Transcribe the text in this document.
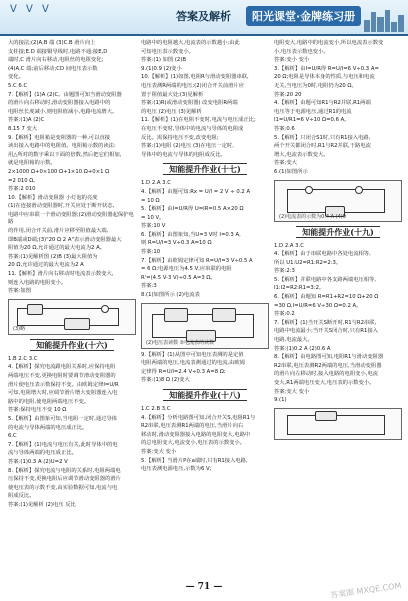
ᐯ ᐯ ᐯ
答案及解析	阳光课堂·金牌练习册

大的接法;(2)A,B 端 (3)C.B 滑片向上

支柱接;E.D 端接铜导线时,电路不通;接E,D

端时,C 滑片向右移动,电阻丝的电阻变化;

(4)A,C 端;前后移动;CD 间电压表示数

变化。

5.C 6.C

7.【解析】(1)A (2)C。由题图可知当滑动变阻器

的滑片向右移动时,滑动变阻器接入电路中的

电阻丝长度减小,则电阻值减小,电路电流增大。

答案:(1)A (2)C

8.15 7 变大

9.【解析】电阻箱是变阻器的一种,可以直接

读出接入电路中的电阻值。电阻箱示数的读法:

用△所对的数字乘以下面的倍数,然后把它们相加,

就是电阻箱的示数。

2×1000 Ω+0×100 Ω+1×10 Ω+0×1 Ω

=2 010 Ω。

答案:2 010

10.【解析】滑动变阻器 小灯泡的亮度

(1)在连接滑动变阻器时,开关应处于断开状态,

电路中应串联一个滑动变阻器;(2)滑动变阻器起保护电路

的作用,闭合开关前,滑片应移至阻值最大端,

即B端或D端;(3)"20 Ω 2 A"表示滑动变阻器最大

阻值为20 Ω,允许通过的最大电流为2 A。

答案:(1)见解析图 (2)B (3)最大阻值为

20 Ω,允许通过的最大电流为2 A

11.【解析】滑片向右移动时电流表示数变大,

则连入电路的电阻变小。

答案:如图

(3)略
知能提升作业(十六)

1.B 2.C 3.C

4.【解析】探究电流跟电阻关系时,应保持电阻

两端电压不变,更换电阻时要调节滑动变阻器的

滑片使电压表示数保持不变。由欧姆定律I=U/R

可知,电阻增大时,应调节滑片增大变阻器连入电

路中的电阻,使电阻两端电压不变。

答案:保持电压不变 10 Ω

5.【解析】由图象可知,当电阻一定时,通过导体

的电流与导体两端的电压成正比。

6.C

7.【解析】(1)电流与电压有关,此时导体中的电

流与导体两端的电压成正比。

答案:(1)0.3 A (2)U=2 V

8.【解析】探究电流与电阻的关系时,电阻两端电

压保持不变,更换电阻后应调节滑动变阻器的滑片

使电压表的示数不变,由实验数据可知,电流与电

阻成反比。

答案:(1)见解析 (2)电压 反比

电路中的电阻越大,电流表的示数越小;由此

可知电压表示数变小。

答案:(1) 如图 (2)B

9.(1)0.9 (2)变小

10.【解析】(1)如图,电阻R与滑动变阻器串联,

电压表测R两端的电压;(2)闭合开关前滑片应

置于阻值最大处;(3)见解析

答案:(1)R(或滑动变阻器) 改变电阻R两端

的电压 (2)电压 (3)见解析

11.【解析】(1)在电阻不变时,电流与电压成正比;

在电压不变时,导体中的电流与导体的电阻成

反比。需保持电压不变,改变电阻;

答案:(1)电阻 (2)电压 (3)在电压一定时,

导体中的电流与导体的电阻成反比。

知能提升作业(十七)

1.D 2.A 3.C

4.【解析】由题可知:Rx = U/I = 2 V ÷ 0.2 A

= 10 Ω

5.【解析】由I=U/R得 U=IR=0.5 A×20 Ω

= 10 V。

答案:10 V

6.【解析】由图象知,当U=3 V时 I=0.3 A,

则 R=U/I=3 V÷0.3 A=10 Ω

答案:10

7.【解析】由欧姆定律可知 R=U/I=3 V÷0.5 A

= 6 Ω;电源电压为4.5 V,应串联的电阻

R'=(4.5 V-3 V)÷0.5 A=3 Ω。

答案:3

8.(1)如图所示 (2)电流表

(2)电压表读数 ②电流表的读数

9.【解析】(1)从图中可知电压表测的是定值

电阻两端的电压,电流表测通过的电流,由欧姆

定律得 R=U/I=2.4 V÷0.3 A=8 Ω;

答案:(1)8 Ω (2)变大

知能提升作业(十八)

1.C 2.B 3.C

4.【解析】分析电路图可知,闭合开关S,电阻R1与

R2串联,电压表测R1两端的电压,当滑片向右

移动时,滑动变阻器接入电路的电阻变大,电路中

的总电阻变大,电流变小,电压表的示数变小。

答案:变大 变小

5.【解析】当滑片P在a端时,只有R1接入电路,

电压表测电源电压,示数为6 V;

电阻变大,电路中的电流变小,所以电流表示数变

小,电压表示数也变小。

答案:变小 变小

3.【解析】由I=U/R得 R=U/I=6 V÷0.3 A=

20 Ω;电阻是导体本身的性质,与电压和电流

无关,当电压为0时,电阻仍为20 Ω。

答案:20 20

4.【解析】由题可知R1与R2并联,R1两端

电压等于电源电压,通过R1的电流

I1=U/R1=6 V÷10 Ω=0.6 A。

答案:0.6

5.【解析】只闭合S1时,只有R1接入电路,

两个开关都闭合时,R1与R2并联,干路电流

增大,电流表示数变大。

答案:变大

6.(1)如图所示

(2)电流表的示数为0.4 A (4)9
知能提升作业(十九)

1.D 2.A 3.C

4.【解析】由于串联电路中各处电流相等,

所以 U1:U2=R1:R2=2:3。

答案:2:3

5.【解析】并联电路中各支路两端电压相等,

I1:I2=R2:R1=3:2。

6.【解析】由题知 R=R1+R2=10 Ω+20 Ω

=30 Ω,I=U/R=6 V÷30 Ω=0.2 A。

答案:0.2

7.【解析】(1)当开关S断开时,R1与R2串联,

电路中电流最小;当开关S闭合时,只有R1接入

电路,电流最大。

答案:(1)0.2 A (2)0.6 A

8.【解析】由电路图可知,电阻R1与滑动变阻器

R2串联,电压表测R2两端的电压,当滑动变阻器

的滑片向左移动时,接入电路的电阻变小,电流

变大,R1两端电压变大,电压表的示数变小。

答案:变大 变小

9.(1)

— 71 —	答案圈 MXQE.COM
